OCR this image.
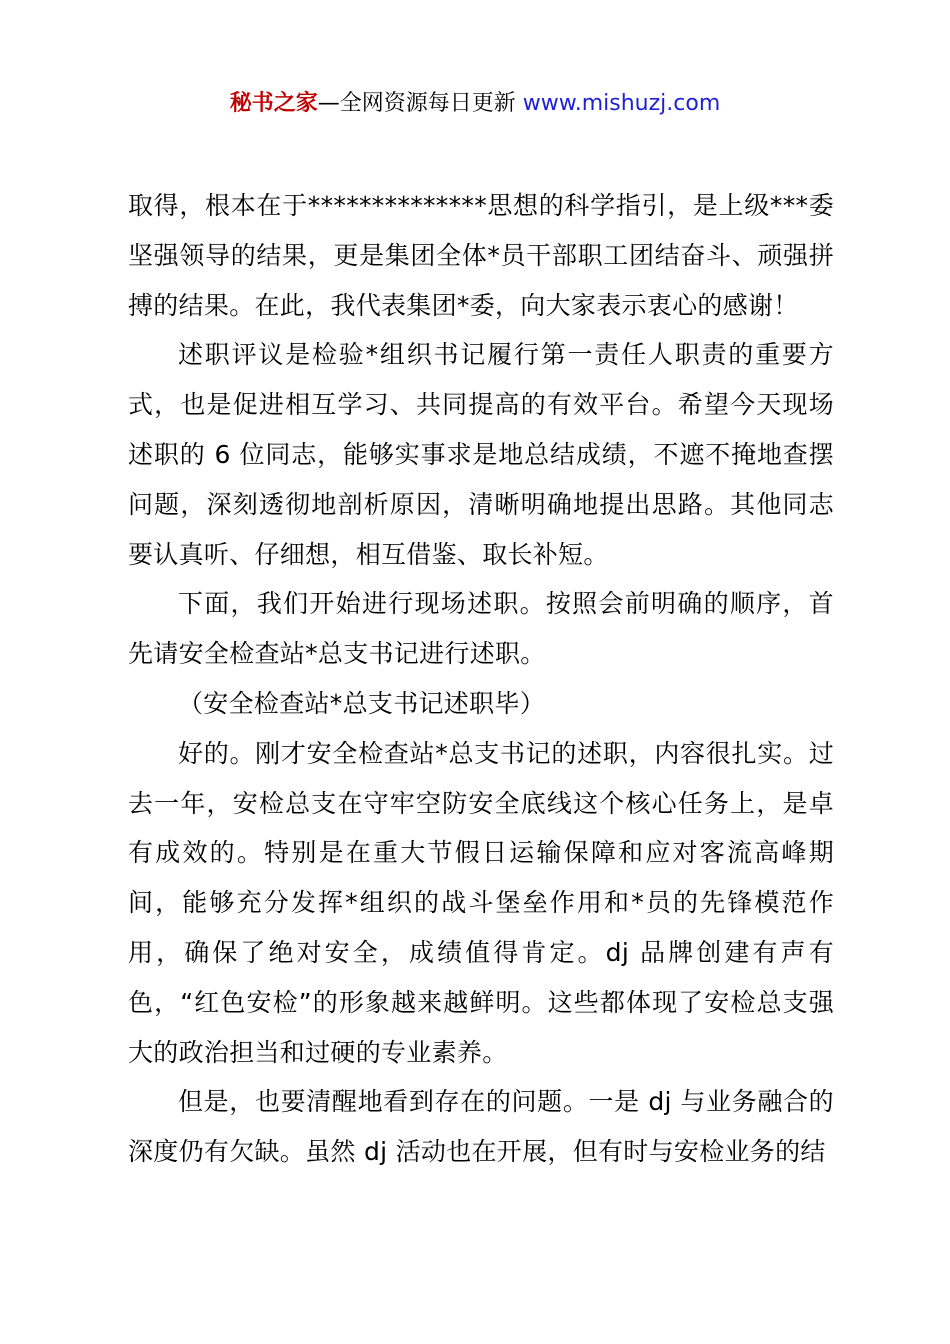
秘书之家—全网资源每日更新 www.mishuzj.com

取得，根本在于**************思想的科学指引，是上级***委坚强领导的结果，更是集团全体*员干部职工团结奋斗、顽强拼搏的结果。在此，我代表集团*委，向大家表示衷心的感谢！

述职评议是检验*组织书记履行第一责任人职责的重要方式，也是促进相互学习、共同提高的有效平台。希望今天现场述职的 6 位同志，能够实事求是地总结成绩，不遮不掩地查摆问题，深刻透彻地剖析原因，清晰明确地提出思路。其他同志要认真听、仔细想，相互借鉴、取长补短。

下面，我们开始进行现场述职。按照会前明确的顺序，首先请安全检查站*总支书记进行述职。

（安全检查站*总支书记述职毕）

好的。刚才安全检查站*总支书记的述职，内容很扎实。过去一年，安检总支在守牢空防安全底线这个核心任务上，是卓有成效的。特别是在重大节假日运输保障和应对客流高峰期间，能够充分发挥*组织的战斗堡垒作用和*员的先锋模范作用，确保了绝对安全，成绩值得肯定。dj 品牌创建有声有色，“红色安检”的形象越来越鲜明。这些都体现了安检总支强大的政治担当和过硬的专业素养。

但是，也要清醒地看到存在的问题。一是 dj 与业务融合的深度仍有欠缺。虽然 dj 活动也在开展，但有时与安检业务的结
